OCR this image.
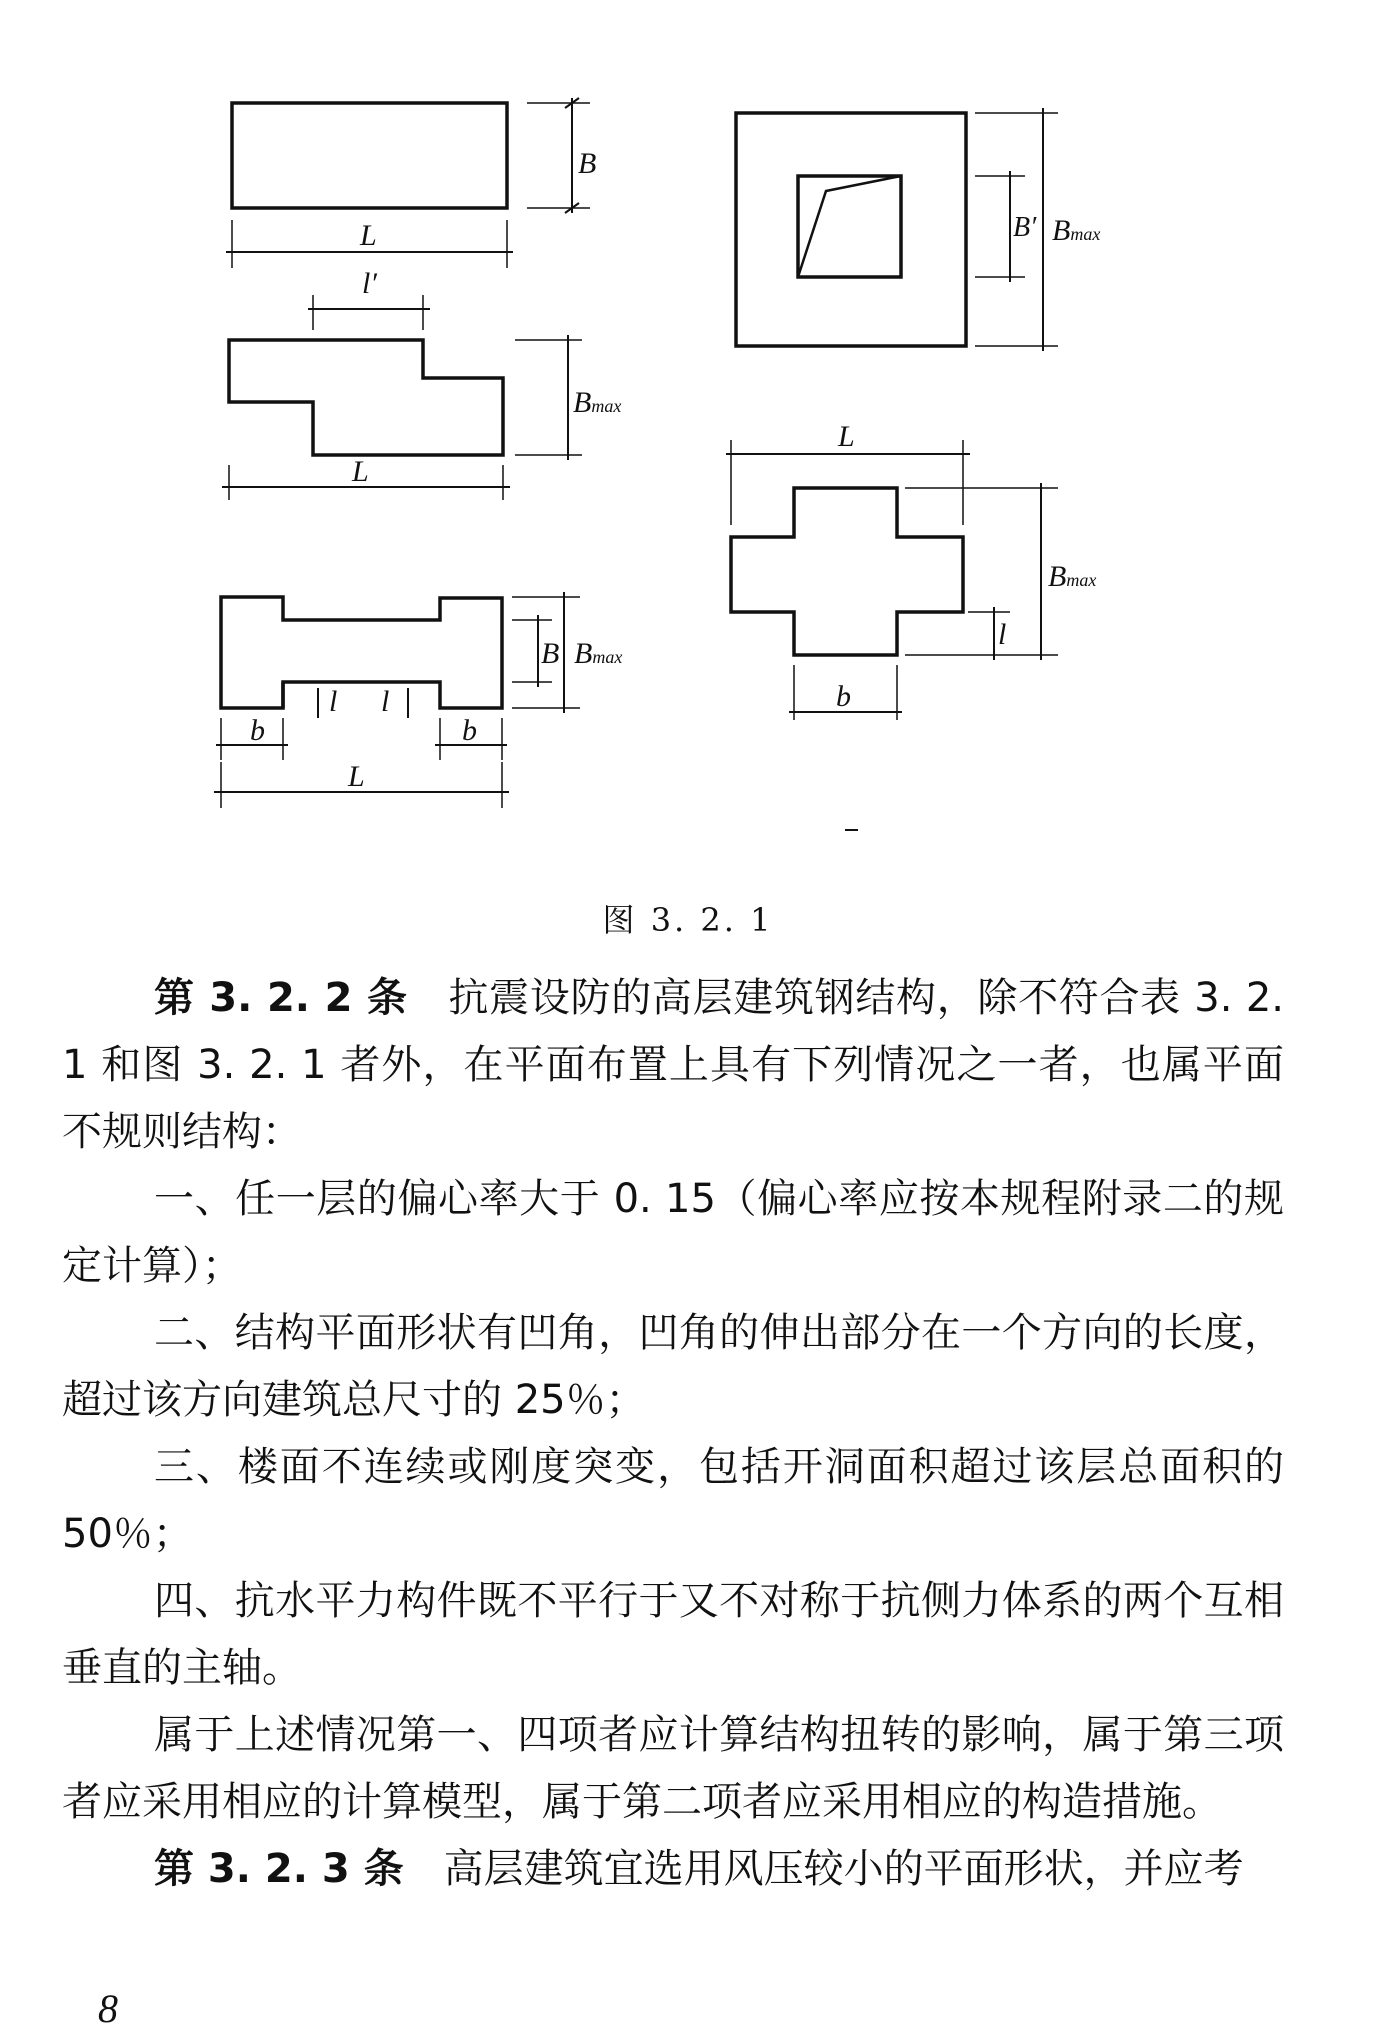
B
L
l′
Bmax
L
B′ Bmax
L
Bmax
l
b
B Bmax
l l
b	b
L
图 3. 2. 1

第 3. 2. 2 条　 抗震设防的高层建筑钢结构，除不符合表 3. 2. 1 和图 3. 2. 1 者外，在平面布置上具有下列情况之一者，也属平面不规则结构：

一、任一层的偏心率大于 0. 15（偏心率应按本规程附录二的规定计算）；

二、结构平面形状有凹角，凹角的伸出部分在一个方向的长度，超过该方向建筑总尺寸的 25％；

三、楼面不连续或刚度突变，包括开洞面积超过该层总面积的 50％；

四、抗水平力构件既不平行于又不对称于抗侧力体系的两个互相垂直的主轴。

属于上述情况第一、四项者应计算结构扭转的影响，属于第三项者应采用相应的计算模型，属于第二项者应采用相应的构造措施。

第 3. 2. 3 条　 高层建筑宜选用风压较小的平面形状，并应考

8
